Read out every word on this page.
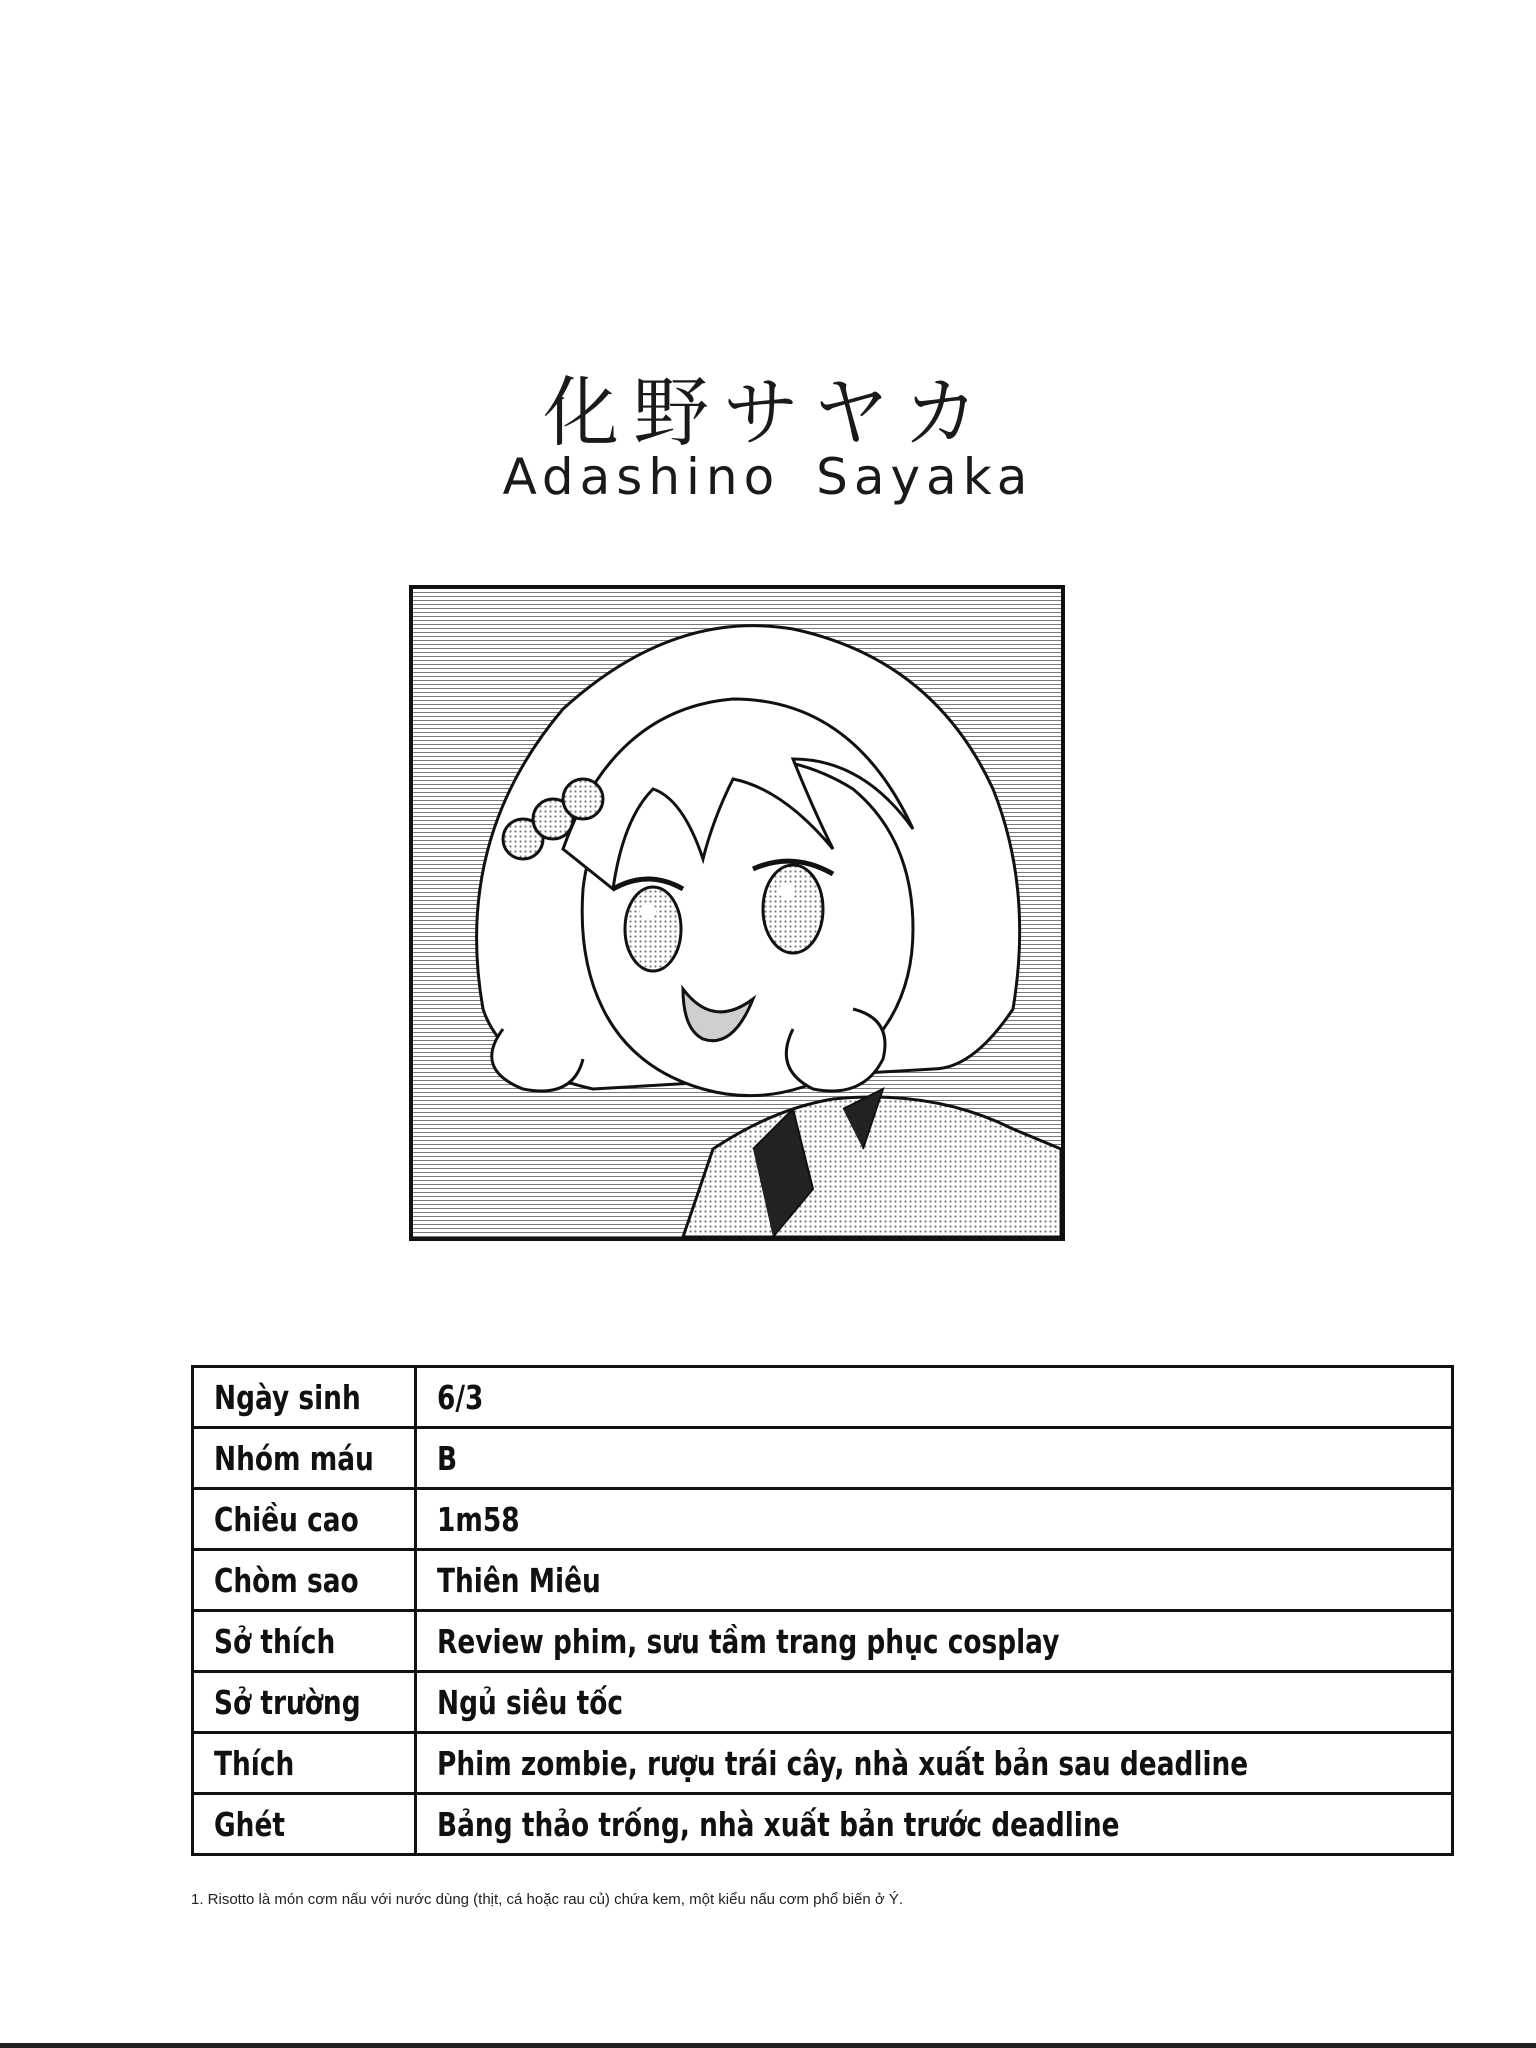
化野サヤカ
Adashino Sayaka
Ngày sinh	6/3
Nhóm máu	B
Chiều cao	1m58
Chòm sao	Thiên Miêu
Sở thích	Review phim, sưu tầm trang phục cosplay
Sở trường	Ngủ siêu tốc
Thích	Phim zombie, rượu trái cây, nhà xuất bản sau deadline
Ghét	Bảng thảo trống, nhà xuất bản trước deadline
1. Risotto là món cơm nấu với nước dùng (thịt, cá hoặc rau củ) chứa kem, một kiểu nấu cơm phổ biến ở Ý.
